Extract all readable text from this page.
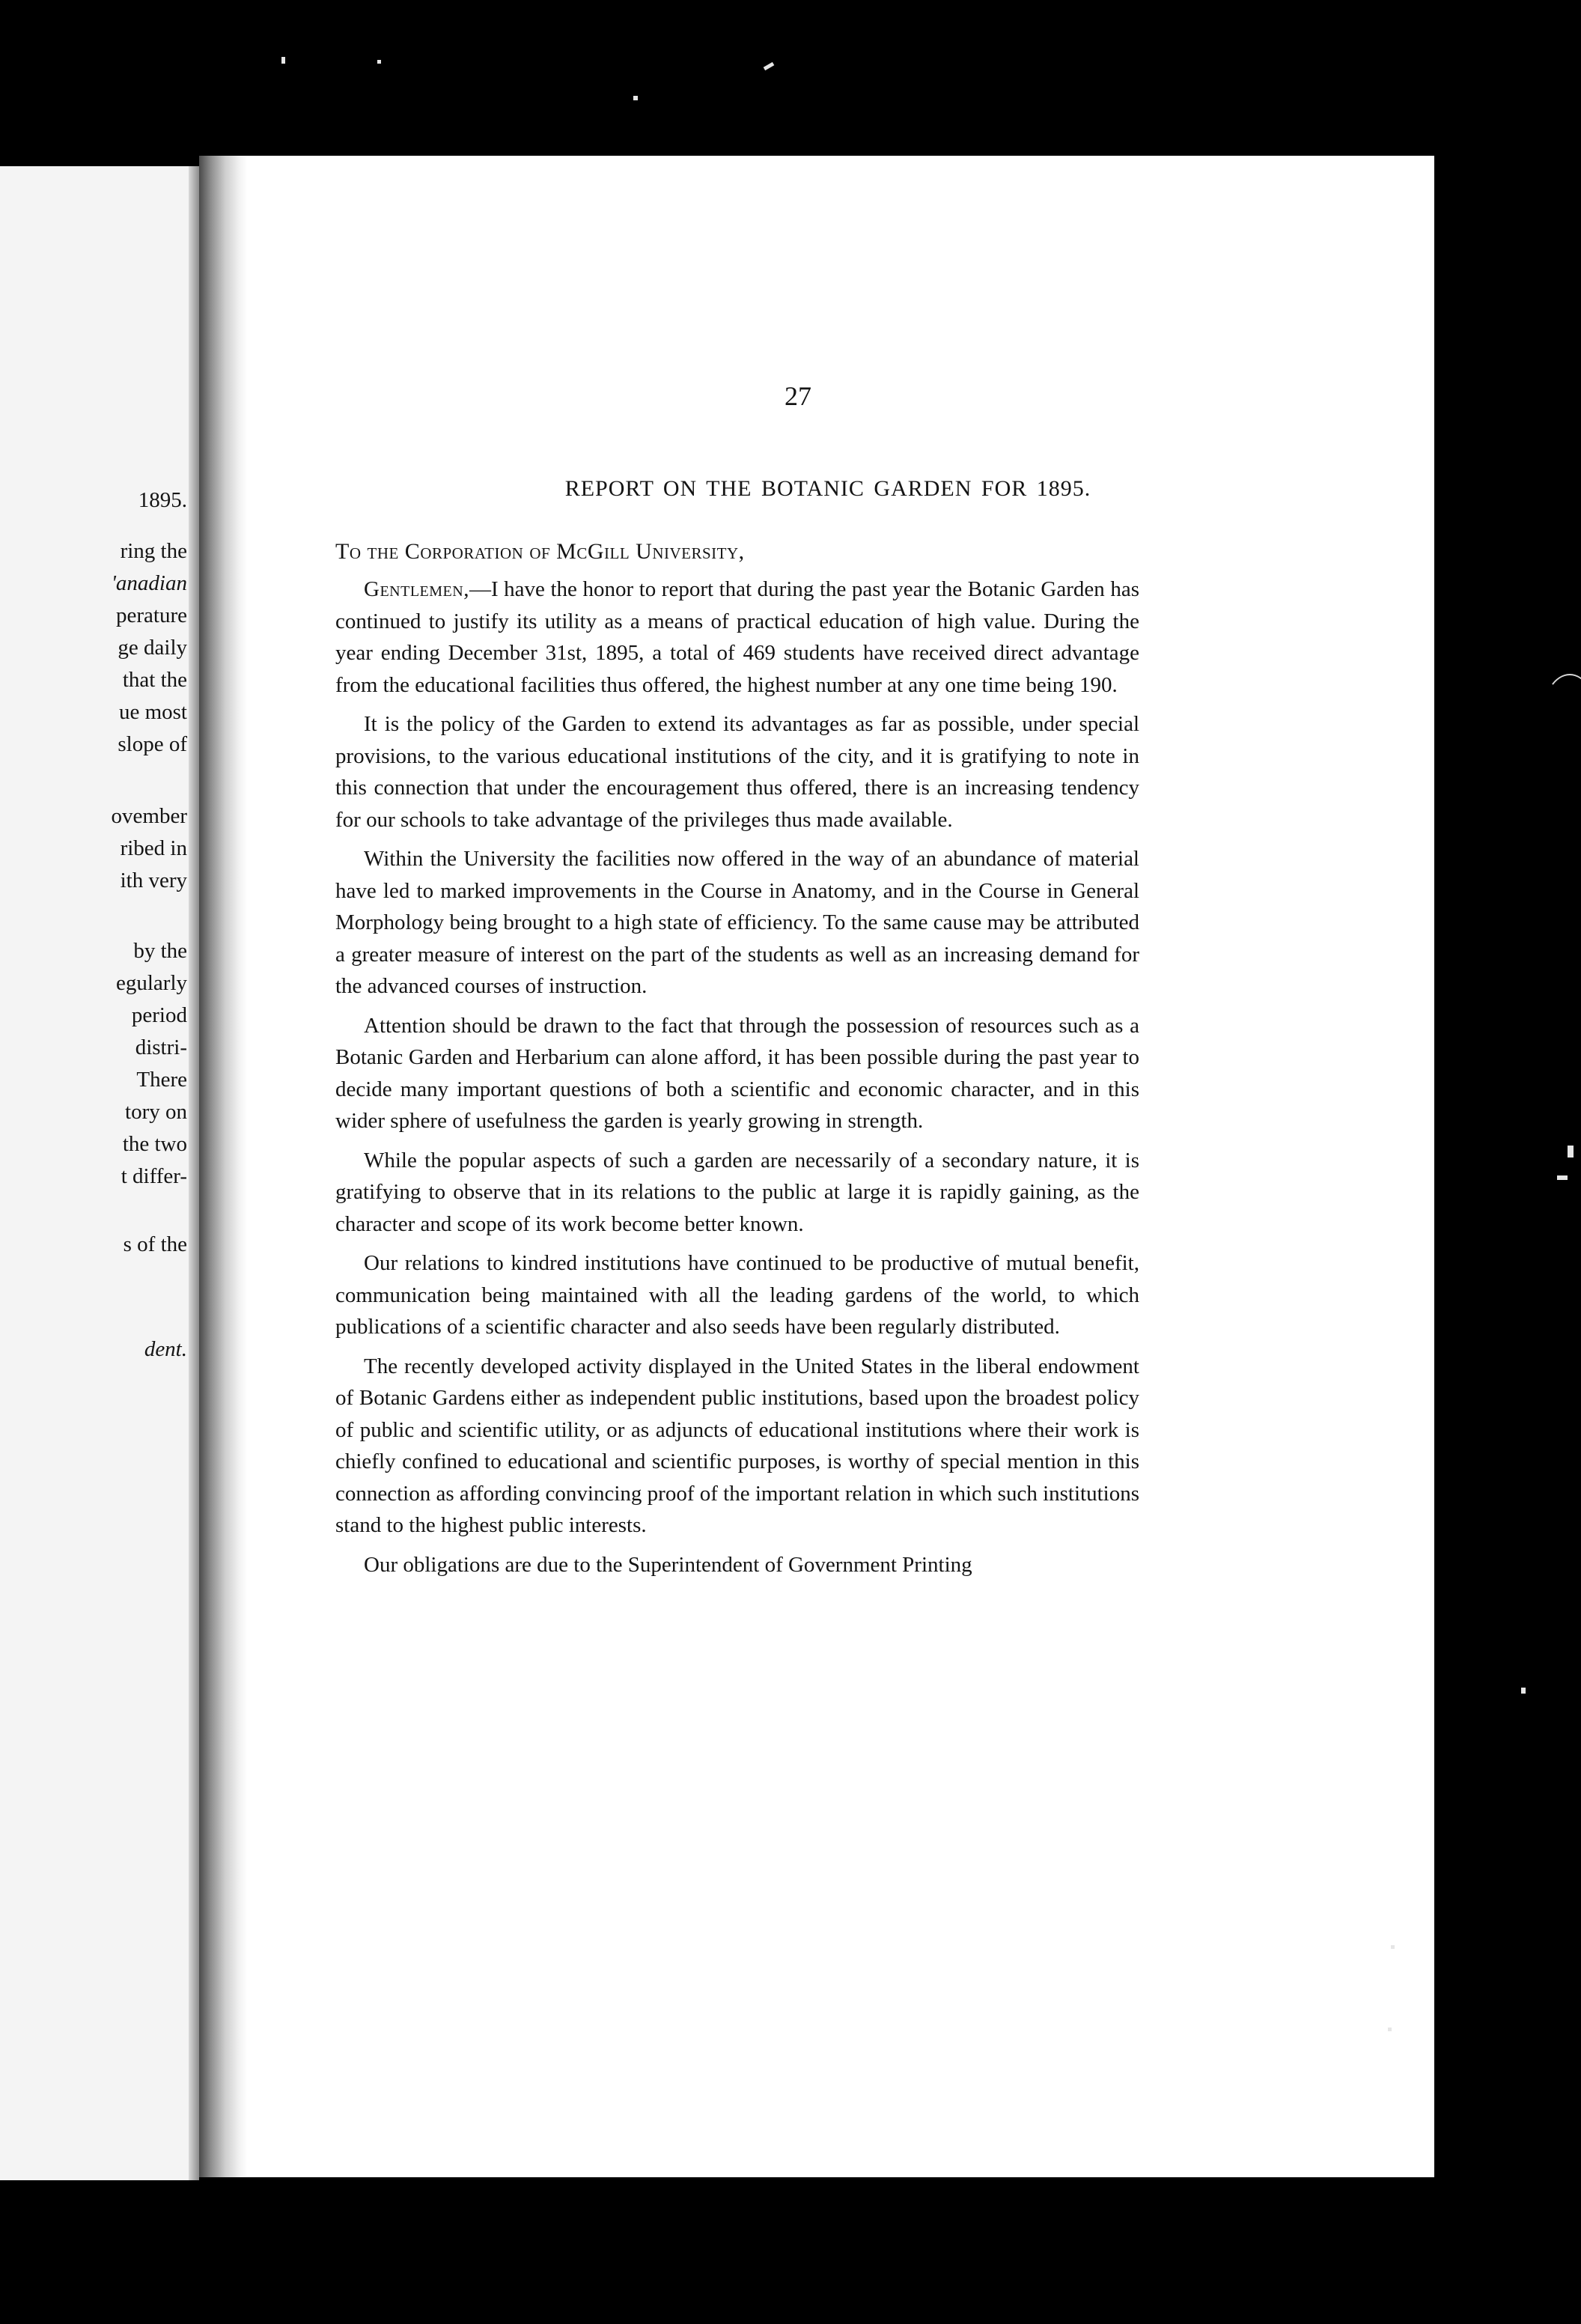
1895.
ring the
'anadian
perature
ge daily
that the
ue most
slope of
ovember
ribed in
ith very
by the
egularly
period
distri-
There
tory on
the two
t differ-
s of the
dent.
27
REPORT ON THE BOTANIC GARDEN FOR 1895.
To the Corporation of McGill University,

Gentlemen,—I have the honor to report that during the past year the Botanic Garden has continued to justify its utility as a means of practical education of high value. During the year ending December 31st, 1895, a total of 469 students have received direct advantage from the educational facilities thus offered, the highest number at any one time being 190.

It is the policy of the Garden to extend its advantages as far as possible, under special provisions, to the various educational institutions of the city, and it is gratifying to note in this connection that under the encouragement thus offered, there is an increasing tendency for our schools to take advantage of the privileges thus made available.

Within the University the facilities now offered in the way of an abundance of material have led to marked improvements in the Course in Anatomy, and in the Course in General Morphology being brought to a high state of efficiency. To the same cause may be attributed a greater measure of interest on the part of the students as well as an increasing demand for the advanced courses of instruction.

Attention should be drawn to the fact that through the possession of resources such as a Botanic Garden and Herbarium can alone afford, it has been possible during the past year to decide many important questions of both a scientific and economic character, and in this wider sphere of usefulness the garden is yearly growing in strength.

While the popular aspects of such a garden are necessarily of a secondary nature, it is gratifying to observe that in its relations to the public at large it is rapidly gaining, as the character and scope of its work become better known.

Our relations to kindred institutions have continued to be productive of mutual benefit, communication being maintained with all the leading gardens of the world, to which publications of a scientific character and also seeds have been regularly distributed.

The recently developed activity displayed in the United States in the liberal endowment of Botanic Gardens either as independent public institutions, based upon the broadest policy of public and scientific utility, or as adjuncts of educational institutions where their work is chiefly confined to educational and scientific purposes, is worthy of special mention in this connection as affording convincing proof of the important relation in which such institutions stand to the highest public interests.

Our obligations are due to the Superintendent of Government Printing
